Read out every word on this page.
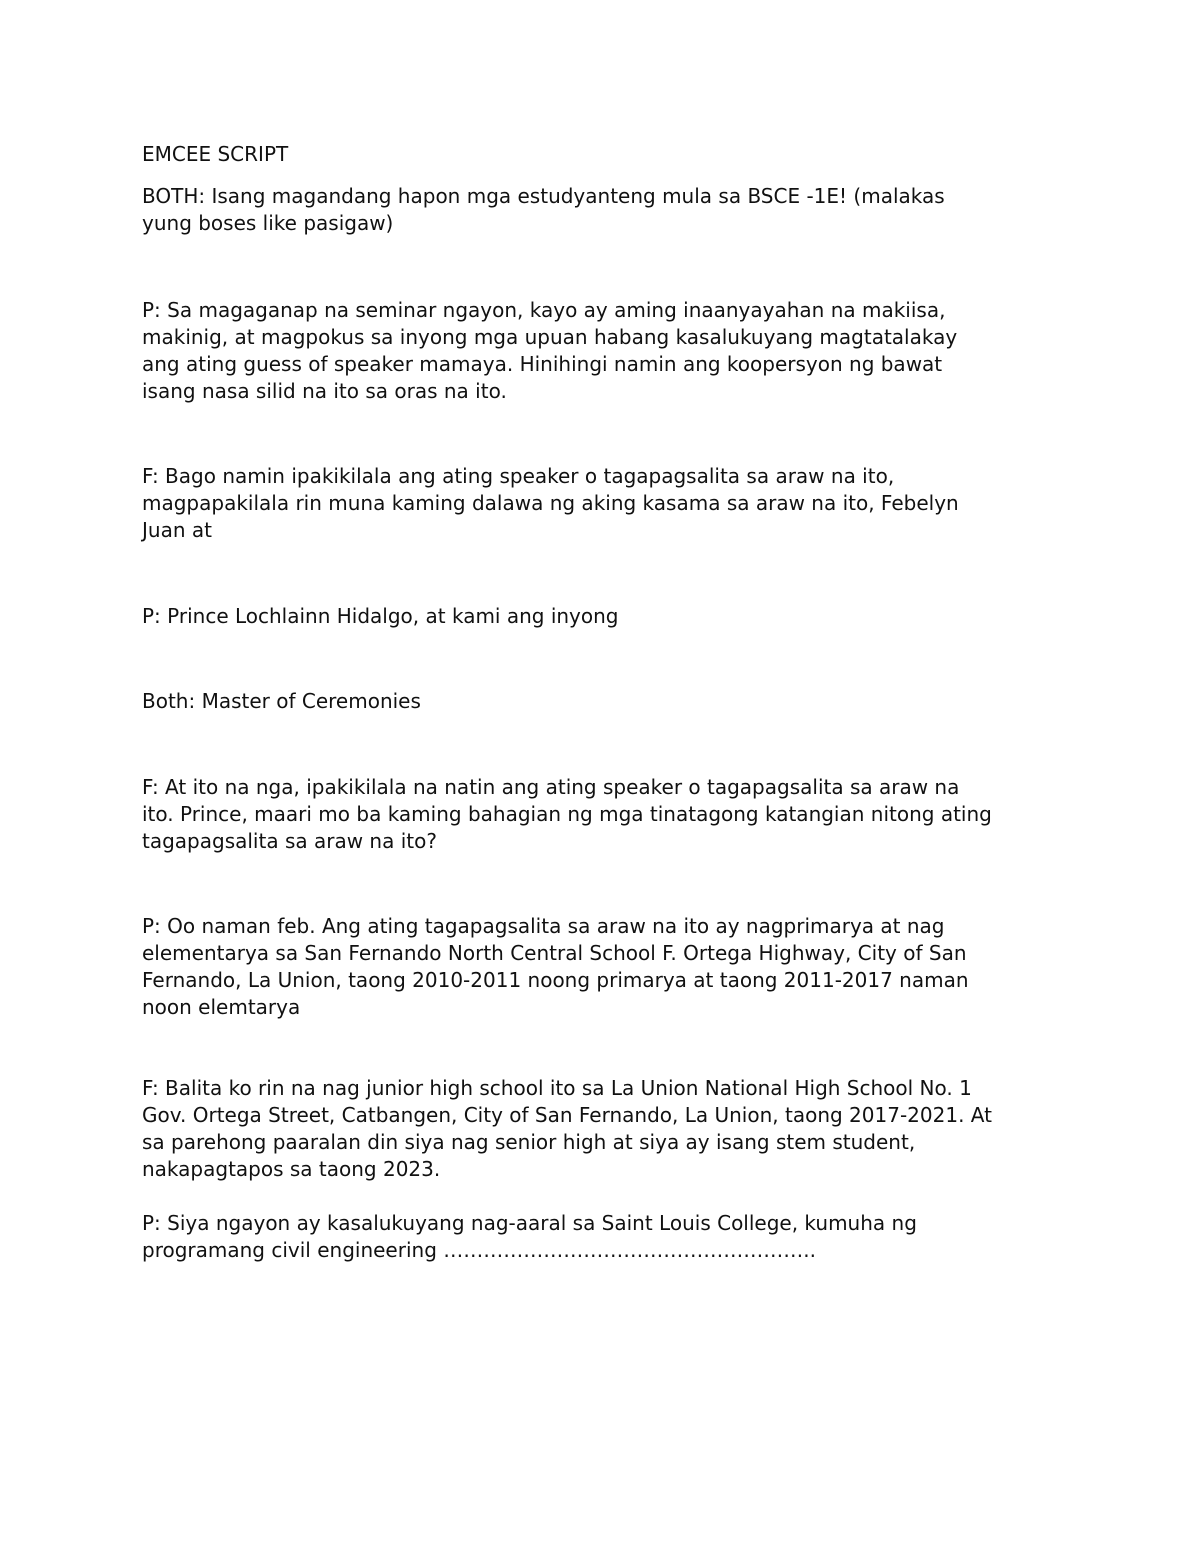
EMCEE SCRIPT

BOTH: Isang magandang hapon mga estudyanteng mula sa BSCE -1E! (malakas
yung boses like pasigaw)

P: Sa magaganap na seminar ngayon, kayo ay aming inaanyayahan na makiisa,
makinig, at magpokus sa inyong mga upuan habang kasalukuyang magtatalakay
ang ating guess of speaker mamaya. Hinihingi namin ang koopersyon ng bawat
isang nasa silid na ito sa oras na ito.

F: Bago namin ipakikilala ang ating speaker o tagapagsalita sa araw na ito,
magpapakilala rin muna kaming dalawa ng aking kasama sa araw na ito, Febelyn
Juan at

P: Prince Lochlainn Hidalgo, at kami ang inyong

Both: Master of Ceremonies

F: At ito na nga, ipakikilala na natin ang ating speaker o tagapagsalita sa araw na
ito. Prince, maari mo ba kaming bahagian ng mga tinatagong katangian nitong ating
tagapagsalita sa araw na ito?

P: Oo naman feb. Ang ating tagapagsalita sa araw na ito ay nagprimarya at nag
elementarya sa San Fernando North Central School F. Ortega Highway, City of San
Fernando, La Union, taong 2010-2011 noong primarya at taong 2011-2017 naman
noon elemtarya

F: Balita ko rin na nag junior high school ito sa La Union National High School No. 1
Gov. Ortega Street, Catbangen, City of San Fernando, La Union, taong 2017-2021. At
sa parehong paaralan din siya nag senior high at siya ay isang stem student,
nakapagtapos sa taong 2023.

P: Siya ngayon ay kasalukuyang nag-aaral sa Saint Louis College, kumuha ng
programang civil engineering ………………………………………………..
